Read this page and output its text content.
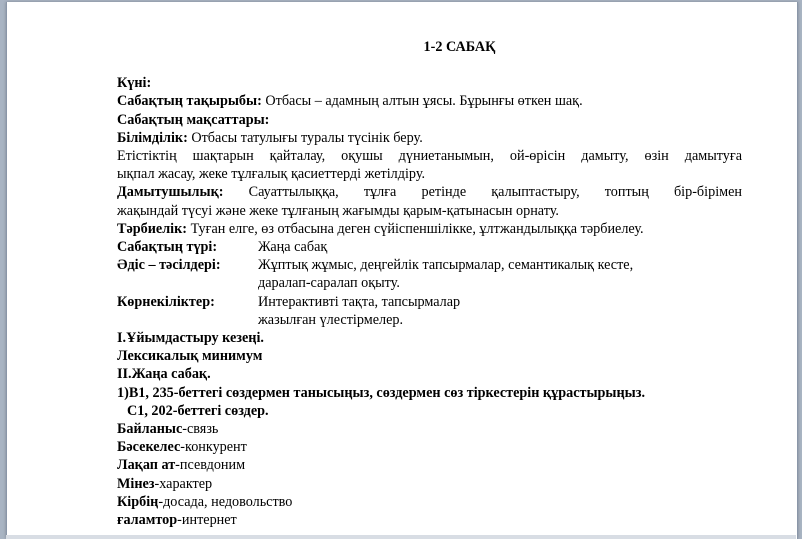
1-2 САБАҚ

Күні:

Сабақтың тақырыбы: Отбасы – адамның алтын ұясы. Бұрынғы өткен шақ.

Сабақтың мақсаттары:

Білімділік: Отбасы татулығы туралы түсінік беру.

Етістіктің шақтарын қайталау, оқушы дүниетанымын, ой-өрісін дамыту, өзін дамытуға

ықпал жасау, жеке тұлғалық қасиеттерді жетілдіру.

Дамытушылық: Сауаттылыққа, тұлға ретінде қалыптастыру, топтың бір-бірімен

жақындай түсуі және жеке тұлғаның жағымды қарым-қатынасын орнату.

Тәрбиелік: Туған елге, өз отбасына деген сүйіспеншілікке, ұлтжандылыққа тәрбиелеу.

Сабақтың түрі:	Жаңа сабақ
Әдіс – тәсілдері:	Жұптық жұмыс, деңгейлік тапсырмалар, семантикалық кесте,

даралап-саралап оқыту.

Көрнекіліктер:	Интерактивті тақта, тапсырмалар

жазылған үлестірмелер.

I.Ұйымдастыру кезеңі.

Лексикалық минимум

II.Жаңа сабақ.

1)В1, 235-беттегі сөздермен танысыңыз, сөздермен сөз тіркестерін құрастырыңыз.

С1, 202-беттегі сөздер.

Байланыс-связь

Бәсекелес-конкурент

Лақап ат-псевдоним

Мінез-характер

Кірбің-досада, недовольство

ғаламтор-интернет
